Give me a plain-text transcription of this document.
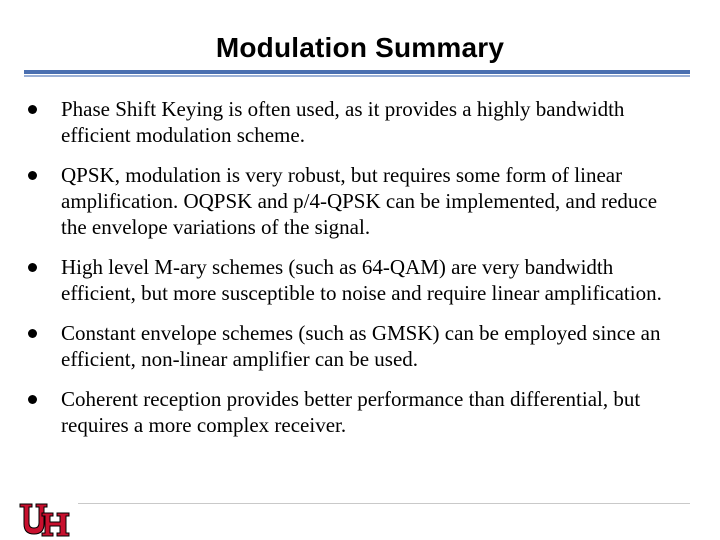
Modulation Summary
Phase Shift Keying is often used, as it provides a highly bandwidth efficient modulation scheme.
QPSK, modulation is very robust, but requires some form of linear amplification. OQPSK and p/4-QPSK can be implemented, and reduce the envelope variations of the signal.
High level M-ary schemes (such as 64-QAM) are very bandwidth efficient, but more susceptible to noise and require linear amplification.
Constant envelope schemes (such as GMSK) can be employed since an efficient, non-linear amplifier can be used.
Coherent reception provides better performance than differential, but requires a more complex receiver.
